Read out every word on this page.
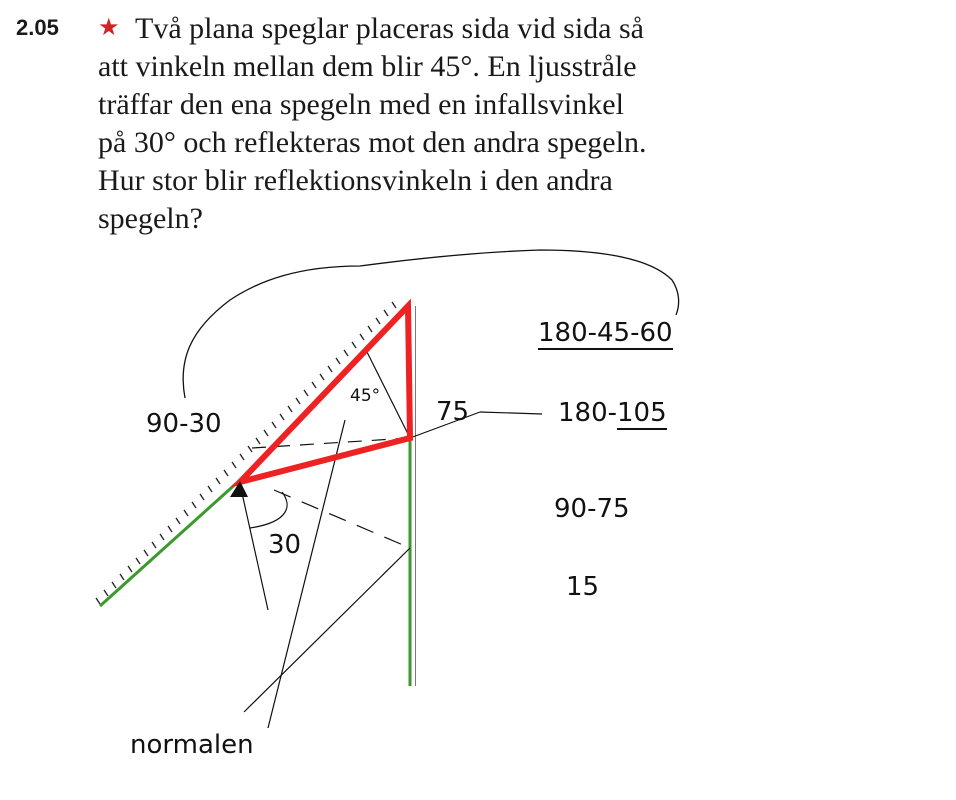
2.05 ★ Två plana speglar placeras sida vid sida så
att vinkeln mellan dem blir 45°. En ljusstråle
träffar den ena spegeln med en infallsvinkel
på 30° och reflekteras mot den andra spegeln.
Hur stor blir reflektionsvinkeln i den andra
spegeln?
180-45-60
180-105
90-75
15
75
45°
90-30
30
normalen
